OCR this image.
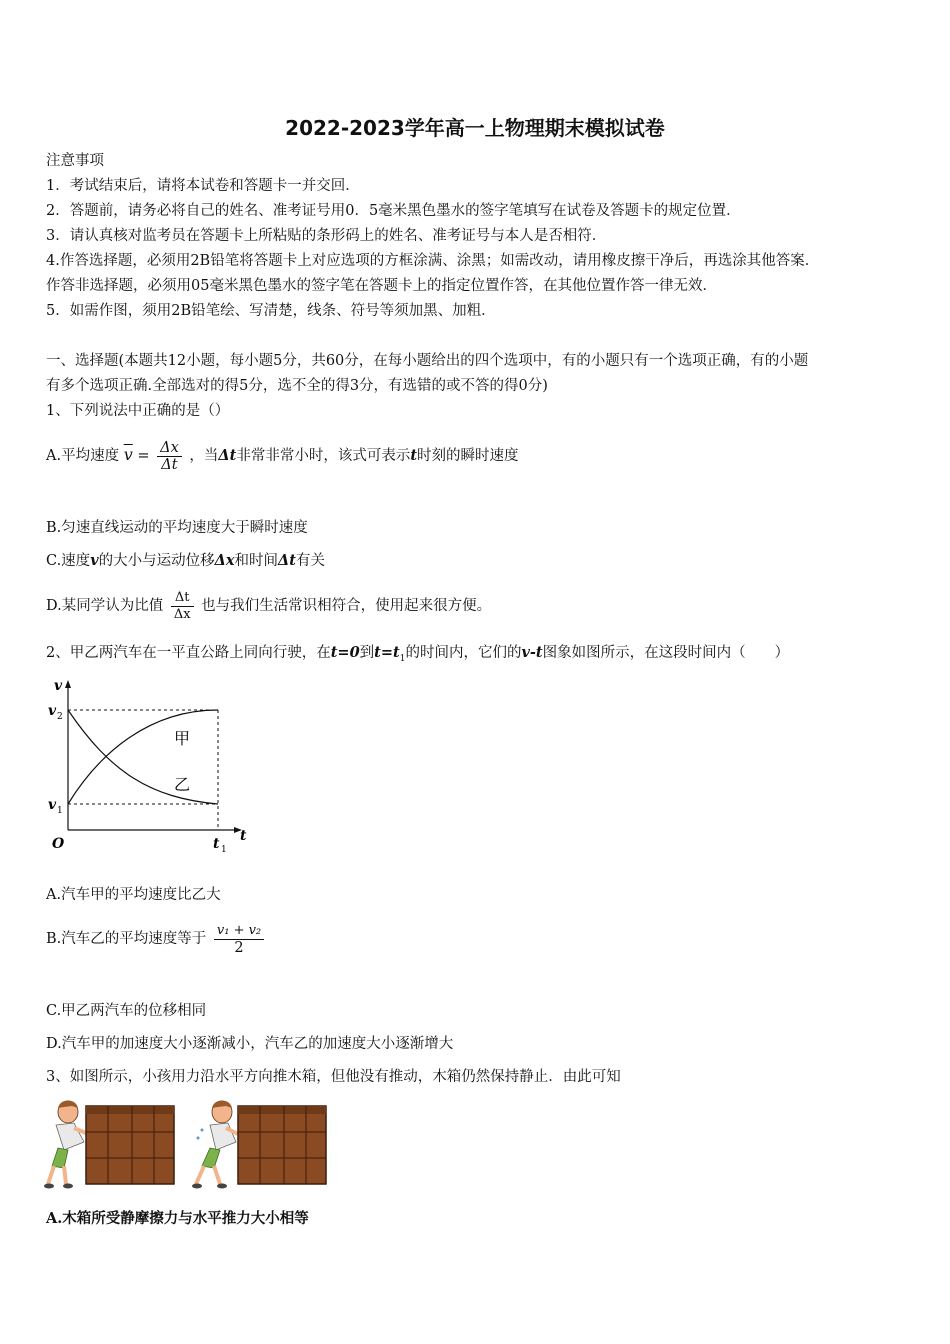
2022-2023学年高一上物理期末模拟试卷
注意事项
1．考试结束后，请将本试卷和答题卡一并交回．
2．答题前，请务必将自己的姓名、准考证号用0．5毫米黑色墨水的签字笔填写在试卷及答题卡的规定位置．
3．请认真核对监考员在答题卡上所粘贴的条形码上的姓名、准考证号与本人是否相符．
4.作答选择题，必须用2B铅笔将答题卡上对应选项的方框涂满、涂黑；如需改动，请用橡皮擦干净后，再选涂其他答案．
作答非选择题，必须用05毫米黑色墨水的签字笔在答题卡上的指定位置作答，在其他位置作答一律无效．
5．如需作图，须用2B铅笔绘、写清楚，线条、符号等须加黑、加粗．
一、选择题(本题共12小题，每小题5分，共60分，在每小题给出的四个选项中，有的小题只有一个选项正确，有的小题
有多个选项正确.全部选对的得5分，选不全的得3分，有选错的或不答的得0分)
1、下列说法中正确的是（）
A.平均速度 $\overline{v} = \frac{\Delta x}{\Delta t}$ ，当Δt非常非常小时，该式可表示t时刻的瞬时速度
B.匀速直线运动的平均速度大于瞬时速度
C.速度v的大小与运动位移Δx和时间Δt有关
D.某同学认为比值 $\frac{\Delta t}{\Delta x}$ 也与我们生活常识相符合，使用起来很方便。
2、甲乙两汽车在一平直公路上同向行驶，在t=0到$t=t_1$的时间内，它们的v-t图象如图所示，在这段时间内（　　）
v
t
O
v 2
v 1
t 1
甲
乙
A.汽车甲的平均速度比乙大
B.汽车乙的平均速度等于 $\frac{\text{v₁ + v₂}}{2}$
C.甲乙两汽车的位移相同
D.汽车甲的加速度大小逐渐减小，汽车乙的加速度大小逐渐增大
3、如图所示，小孩用力沿水平方向推木箱，但他没有推动，木箱仍然保持静止．由此可知
A.木箱所受静摩擦力与水平推力大小相等
